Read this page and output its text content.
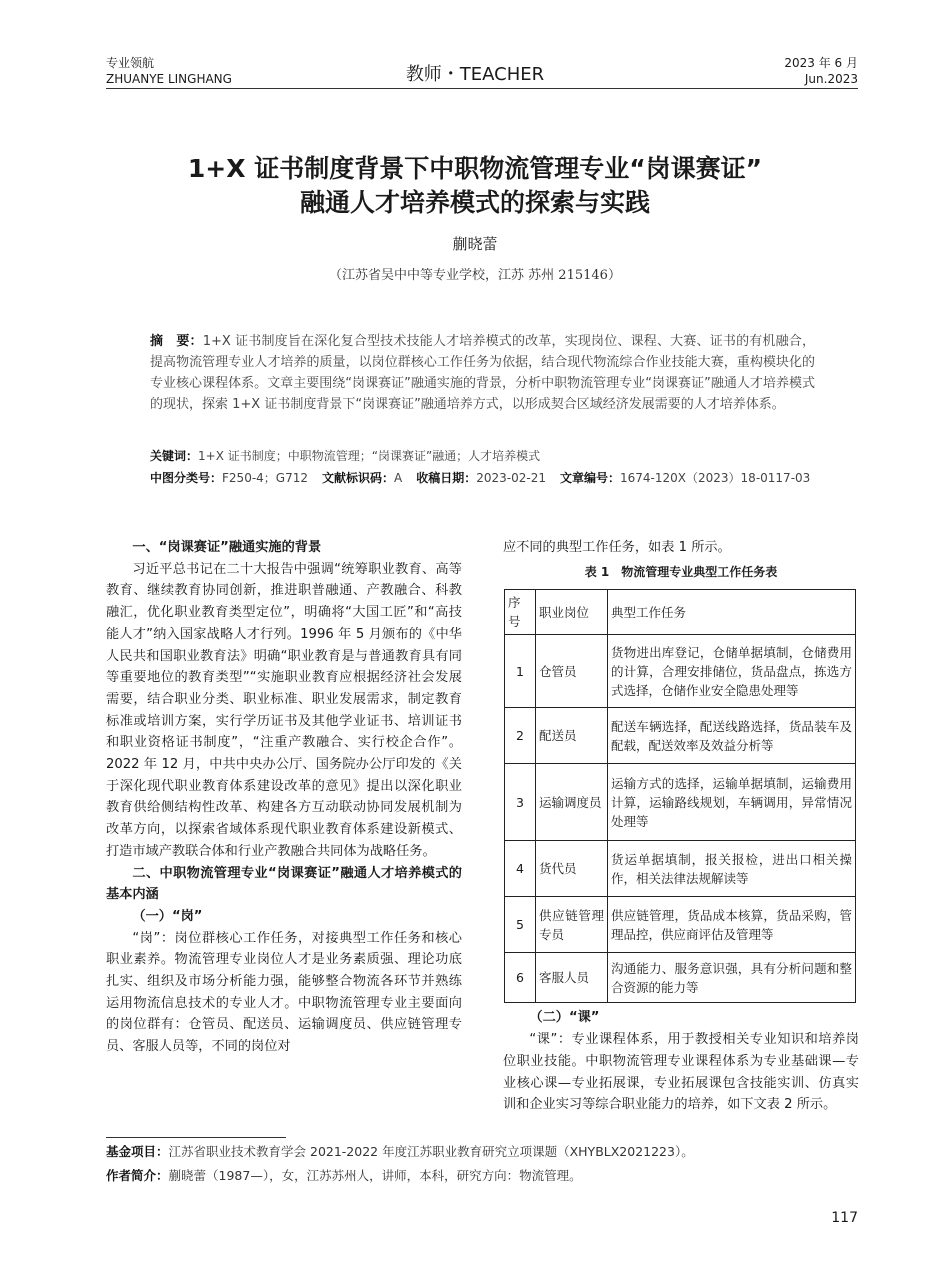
专业领航
ZHUANYE LINGHANG	教师・TEACHER
2023 年 6 月
Jun.2023
1+X 证书制度背景下中职物流管理专业“岗课赛证”
融通人才培养模式的探索与实践
蒯晓蕾
（江苏省吴中中等专业学校，江苏 苏州 215146）
摘　要：1+X 证书制度旨在深化复合型技术技能人才培养模式的改革，实现岗位、课程、大赛、证书的有机融合，提高物流管理专业人才培养的质量，以岗位群核心工作任务为依据，结合现代物流综合作业技能大赛，重构模块化的专业核心课程体系。文章主要围绕“岗课赛证”融通实施的背景，分析中职物流管理专业“岗课赛证”融通人才培养模式的现状，探索 1+X 证书制度背景下“岗课赛证”融通培养方式，以形成契合区域经济发展需要的人才培养体系。
关键词：1+X 证书制度；中职物流管理；“岗课赛证”融通；人才培养模式
中图分类号：F250-4；G712 文献标识码：A 收稿日期：2023-02-21 文章编号：1674-120X（2023）18-0117-03

一、“岗课赛证”融通实施的背景

习近平总书记在二十大报告中强调“统筹职业教育、高等教育、继续教育协同创新，推进职普融通、产教融合、科教融汇，优化职业教育类型定位”，明确将“大国工匠”和“高技能人才”纳入国家战略人才行列。1996 年 5 月颁布的《中华人民共和国职业教育法》明确“职业教育是与普通教育具有同等重要地位的教育类型”“实施职业教育应根据经济社会发展需要，结合职业分类、职业标准、职业发展需求，制定教育标准或培训方案，实行学历证书及其他学业证书、培训证书和职业资格证书制度”，“注重产教融合、实行校企合作”。2022 年 12 月，中共中央办公厅、国务院办公厅印发的《关于深化现代职业教育体系建设改革的意见》提出以深化职业教育供给侧结构性改革、构建各方互动联动协同发展机制为改革方向，以探索省域体系现代职业教育体系建设新模式、打造市域产教联合体和行业产教融合共同体为战略任务。

二、中职物流管理专业“岗课赛证”融通人才培养模式的基本内涵

（一）“岗”

“岗”：岗位群核心工作任务，对接典型工作任务和核心职业素养。物流管理专业岗位人才是业务素质强、理论功底扎实、组织及市场分析能力强，能够整合物流各环节并熟练运用物流信息技术的专业人才。中职物流管理专业主要面向的岗位群有：仓管员、配送员、运输调度员、供应链管理专员、客服人员等，不同的岗位对

应不同的典型工作任务，如表 1 所示。

表 1　物流管理专业典型工作任务表
序号	职业岗位	典型工作任务
1	仓管员	货物进出库登记，仓储单据填制，仓储费用的计算，合理安排储位，货品盘点，拣选方式选择，仓储作业安全隐患处理等
2	配送员	配送车辆选择，配送线路选择，货品装车及配载，配送效率及效益分析等
3	运输调度员	运输方式的选择，运输单据填制，运输费用计算，运输路线规划，车辆调用，异常情况处理等
4	货代员	货运单据填制，报关报检，进出口相关操作，相关法律法规解读等
5	供应链管理专员	供应链管理，货品成本核算，货品采购，管理品控，供应商评估及管理等
6	客服人员	沟通能力、服务意识强，具有分析问题和整合资源的能力等

（二）“课”

“课”：专业课程体系，用于教授相关专业知识和培养岗位职业技能。中职物流管理专业课程体系为专业基础课—专业核心课—专业拓展课，专业拓展课包含技能实训、仿真实训和企业实习等综合职业能力的培养，如下文表 2 所示。

基金项目：江苏省职业技术教育学会 2021-2022 年度江苏职业教育研究立项课题（XHYBLX2021223）。
作者简介：蒯晓蕾（1987—），女，江苏苏州人，讲师，本科，研究方向：物流管理。
117
